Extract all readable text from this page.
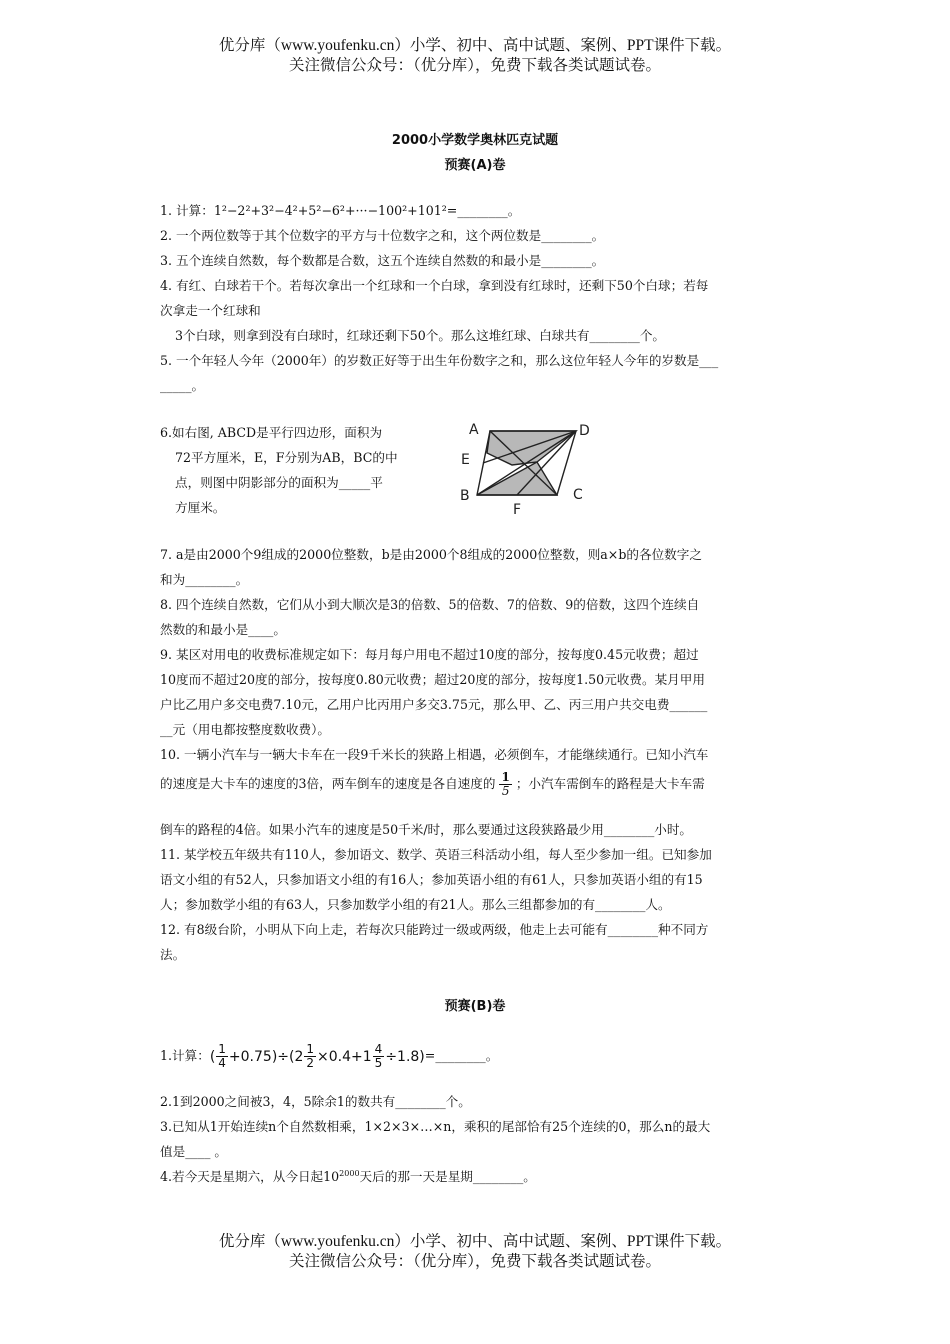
优分库（www.youfenku.cn）小学、初中、高中试题、案例、PPT课件下载。
关注微信公众号：（优分库），免费下载各类试题试卷。
2000小学数学奥林匹克试题
预赛(A)卷
1. 计算：1²−2²+3²−4²+5²−6²+···−100²+101²=________。
2. 一个两位数等于其个位数字的平方与十位数字之和，这个两位数是________。
3. 五个连续自然数，每个数都是合数，这五个连续自然数的和最小是________。
4. 有红、白球若干个。若每次拿出一个红球和一个白球，拿到没有红球时，还剩下50个白球；若每
次拿走一个红球和
3个白球，则拿到没有白球时，红球还剩下50个。那么这堆红球、白球共有________个。
5. 一个年轻人今年（2000年）的岁数正好等于出生年份数字之和，那么这位年轻人今年的岁数是___
_____。
6.如右图, ABCD是平行四边形，面积为
72平方厘米，E，F分别为AB，BC的中
点，则图中阴影部分的面积为_____平
方厘米。
A	D
E
B	C
F
7. a是由2000个9组成的2000位整数，b是由2000个8组成的2000位整数，则a×b的各位数字之
和为________。
8. 四个连续自然数，它们从小到大顺次是3的倍数、5的倍数、7的倍数、9的倍数，这四个连续自
然数的和最小是____。
9. 某区对用电的收费标准规定如下：每月每户用电不超过10度的部分，按每度0.45元收费；超过
10度而不超过20度的部分，按每度0.80元收费；超过20度的部分，按每度1.50元收费。某月甲用
户比乙用户多交电费7.10元，乙用户比丙用户多交3.75元，那么甲、乙、丙三用户共交电费______
__元（用电都按整度数收费）。
10. 一辆小汽车与一辆大卡车在一段9千米长的狭路上相遇，必须倒车，才能继续通行。已知小汽车
的速度是大卡车的速度的3倍，两车倒车的速度是各自速度的 $\frac{1}{5}$ ；小汽车需倒车的路程是大卡车需
倒车的路程的4倍。如果小汽车的速度是50千米/时，那么要通过这段狭路最少用________小时。
11. 某学校五年级共有110人，参加语文、数学、英语三科活动小组，每人至少参加一组。已知参加
语文小组的有52人，只参加语文小组的有16人；参加英语小组的有61人，只参加英语小组的有15
人；参加数学小组的有63人，只参加数学小组的有21人。那么三组都参加的有________人。
12. 有8级台阶，小明从下向上走，若每次只能跨过一级或两级，他走上去可能有________种不同方
法。
预赛(B)卷
1.计算：( $\frac{1}{4} +0.75)\div(2 \frac{1}{2} \times 0.4+1 \frac{4}{5}$ ÷1.8)=________。
2.1到2000之间被3，4，5除余1的数共有________个。
3.已知从1开始连续n个自然数相乘，1×2×3×…×n，乘积的尾部恰有25个连续的0，那么n的最大
值是____ 。
4.若今天是星期六，从今日起$10^{2000}$天后的那一天是星期________。
优分库（www.youfenku.cn）小学、初中、高中试题、案例、PPT课件下载。
关注微信公众号：（优分库），免费下载各类试题试卷。
